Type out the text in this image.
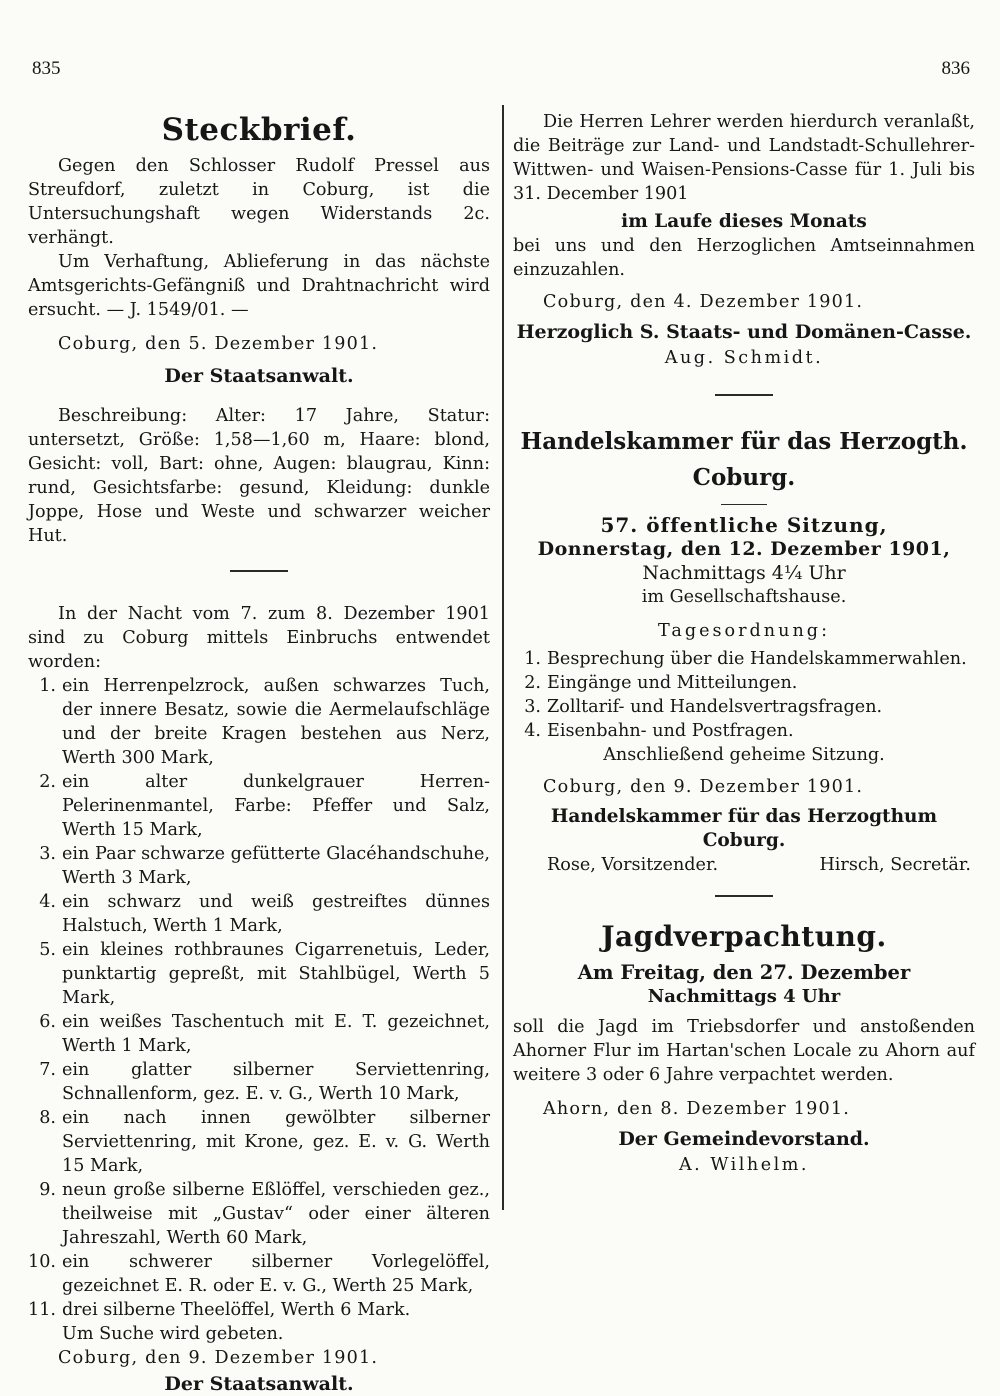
835	836

Steckbrief.

Gegen den Schlosser Rudolf Pressel aus Streufdorf, zuletzt in Coburg, ist die Untersuchungshaft wegen Widerstands 2c. verhängt.

Um Verhaftung, Ablieferung in das nächste Amtsgerichts-Gefängniß und Drahtnachricht wird ersucht. — J. 1549/01. —

Coburg, den 5. Dezember 1901.

Der Staatsanwalt.

Beschreibung: Alter: 17 Jahre, Statur: untersetzt, Größe: 1,58—1,60 m, Haare: blond, Gesicht: voll, Bart: ohne, Augen: blaugrau, Kinn: rund, Gesichtsfarbe: gesund, Kleidung: dunkle Joppe, Hose und Weste und schwarzer weicher Hut.

In der Nacht vom 7. zum 8. Dezember 1901 sind zu Coburg mittels Einbruchs entwendet worden:

1. ein Herrenpelzrock, außen schwarzes Tuch, der innere Besatz, sowie die Aermelaufschläge und der breite Kragen bestehen aus Nerz, Werth 300 Mark,
2. ein alter dunkelgrauer Herren-Pelerinenmantel, Farbe: Pfeffer und Salz, Werth 15 Mark,
3. ein Paar schwarze gefütterte Glacéhandschuhe, Werth 3 Mark,
4. ein schwarz und weiß gestreiftes dünnes Halstuch, Werth 1 Mark,
5. ein kleines rothbraunes Cigarrenetuis, Leder, punktartig gepreßt, mit Stahlbügel, Werth 5 Mark,
6. ein weißes Taschentuch mit E. T. gezeichnet, Werth 1 Mark,
7. ein glatter silberner Serviettenring, Schnallenform, gez. E. v. G., Werth 10 Mark,
8. ein nach innen gewölbter silberner Serviettenring, mit Krone, gez. E. v. G. Werth 15 Mark,
9. neun große silberne Eßlöffel, verschieden gez., theilweise mit „Gustav“ oder einer älteren Jahreszahl, Werth 60 Mark,
10. ein schwerer silberner Vorlegelöffel, gezeichnet E. R. oder E. v. G., Werth 25 Mark,
11. drei silberne Theelöffel, Werth 6 Mark.

Um Suche wird gebeten.

Coburg, den 9. Dezember 1901.

Der Staatsanwalt.

Die Herren Lehrer werden hierdurch veranlaßt, die Beiträge zur Land- und Landstadt-Schullehrer-Wittwen- und Waisen-Pensions-Casse für 1. Juli bis 31. December 1901

im Laufe dieses Monats

bei uns und den Herzoglichen Amtseinnahmen einzuzahlen.

Coburg, den 4. Dezember 1901.

Herzoglich S. Staats- und Domänen-Casse.

Aug. Schmidt.

Handelskammer für das Herzogth. Coburg.

57. öffentliche Sitzung,

Donnerstag, den 12. Dezember 1901,

Nachmittags 4¼ Uhr

im Gesellschaftshause.

Tagesordnung:

1. Besprechung über die Handelskammerwahlen.
2. Eingänge und Mitteilungen.
3. Zolltarif- und Handelsvertragsfragen.
4. Eisenbahn- und Postfragen.

Anschließend geheime Sitzung.

Coburg, den 9. Dezember 1901.

Handelskammer für das Herzogthum Coburg.

Rose, Vorsitzender.	Hirsch, Secretär.

Jagdverpachtung.

Am Freitag, den 27. Dezember

Nachmittags 4 Uhr

soll die Jagd im Triebsdorfer und anstoßenden Ahorner Flur im Hartan'schen Locale zu Ahorn auf weitere 3 oder 6 Jahre verpachtet werden.

Ahorn, den 8. Dezember 1901.

Der Gemeindevorstand.

A. Wilhelm.
